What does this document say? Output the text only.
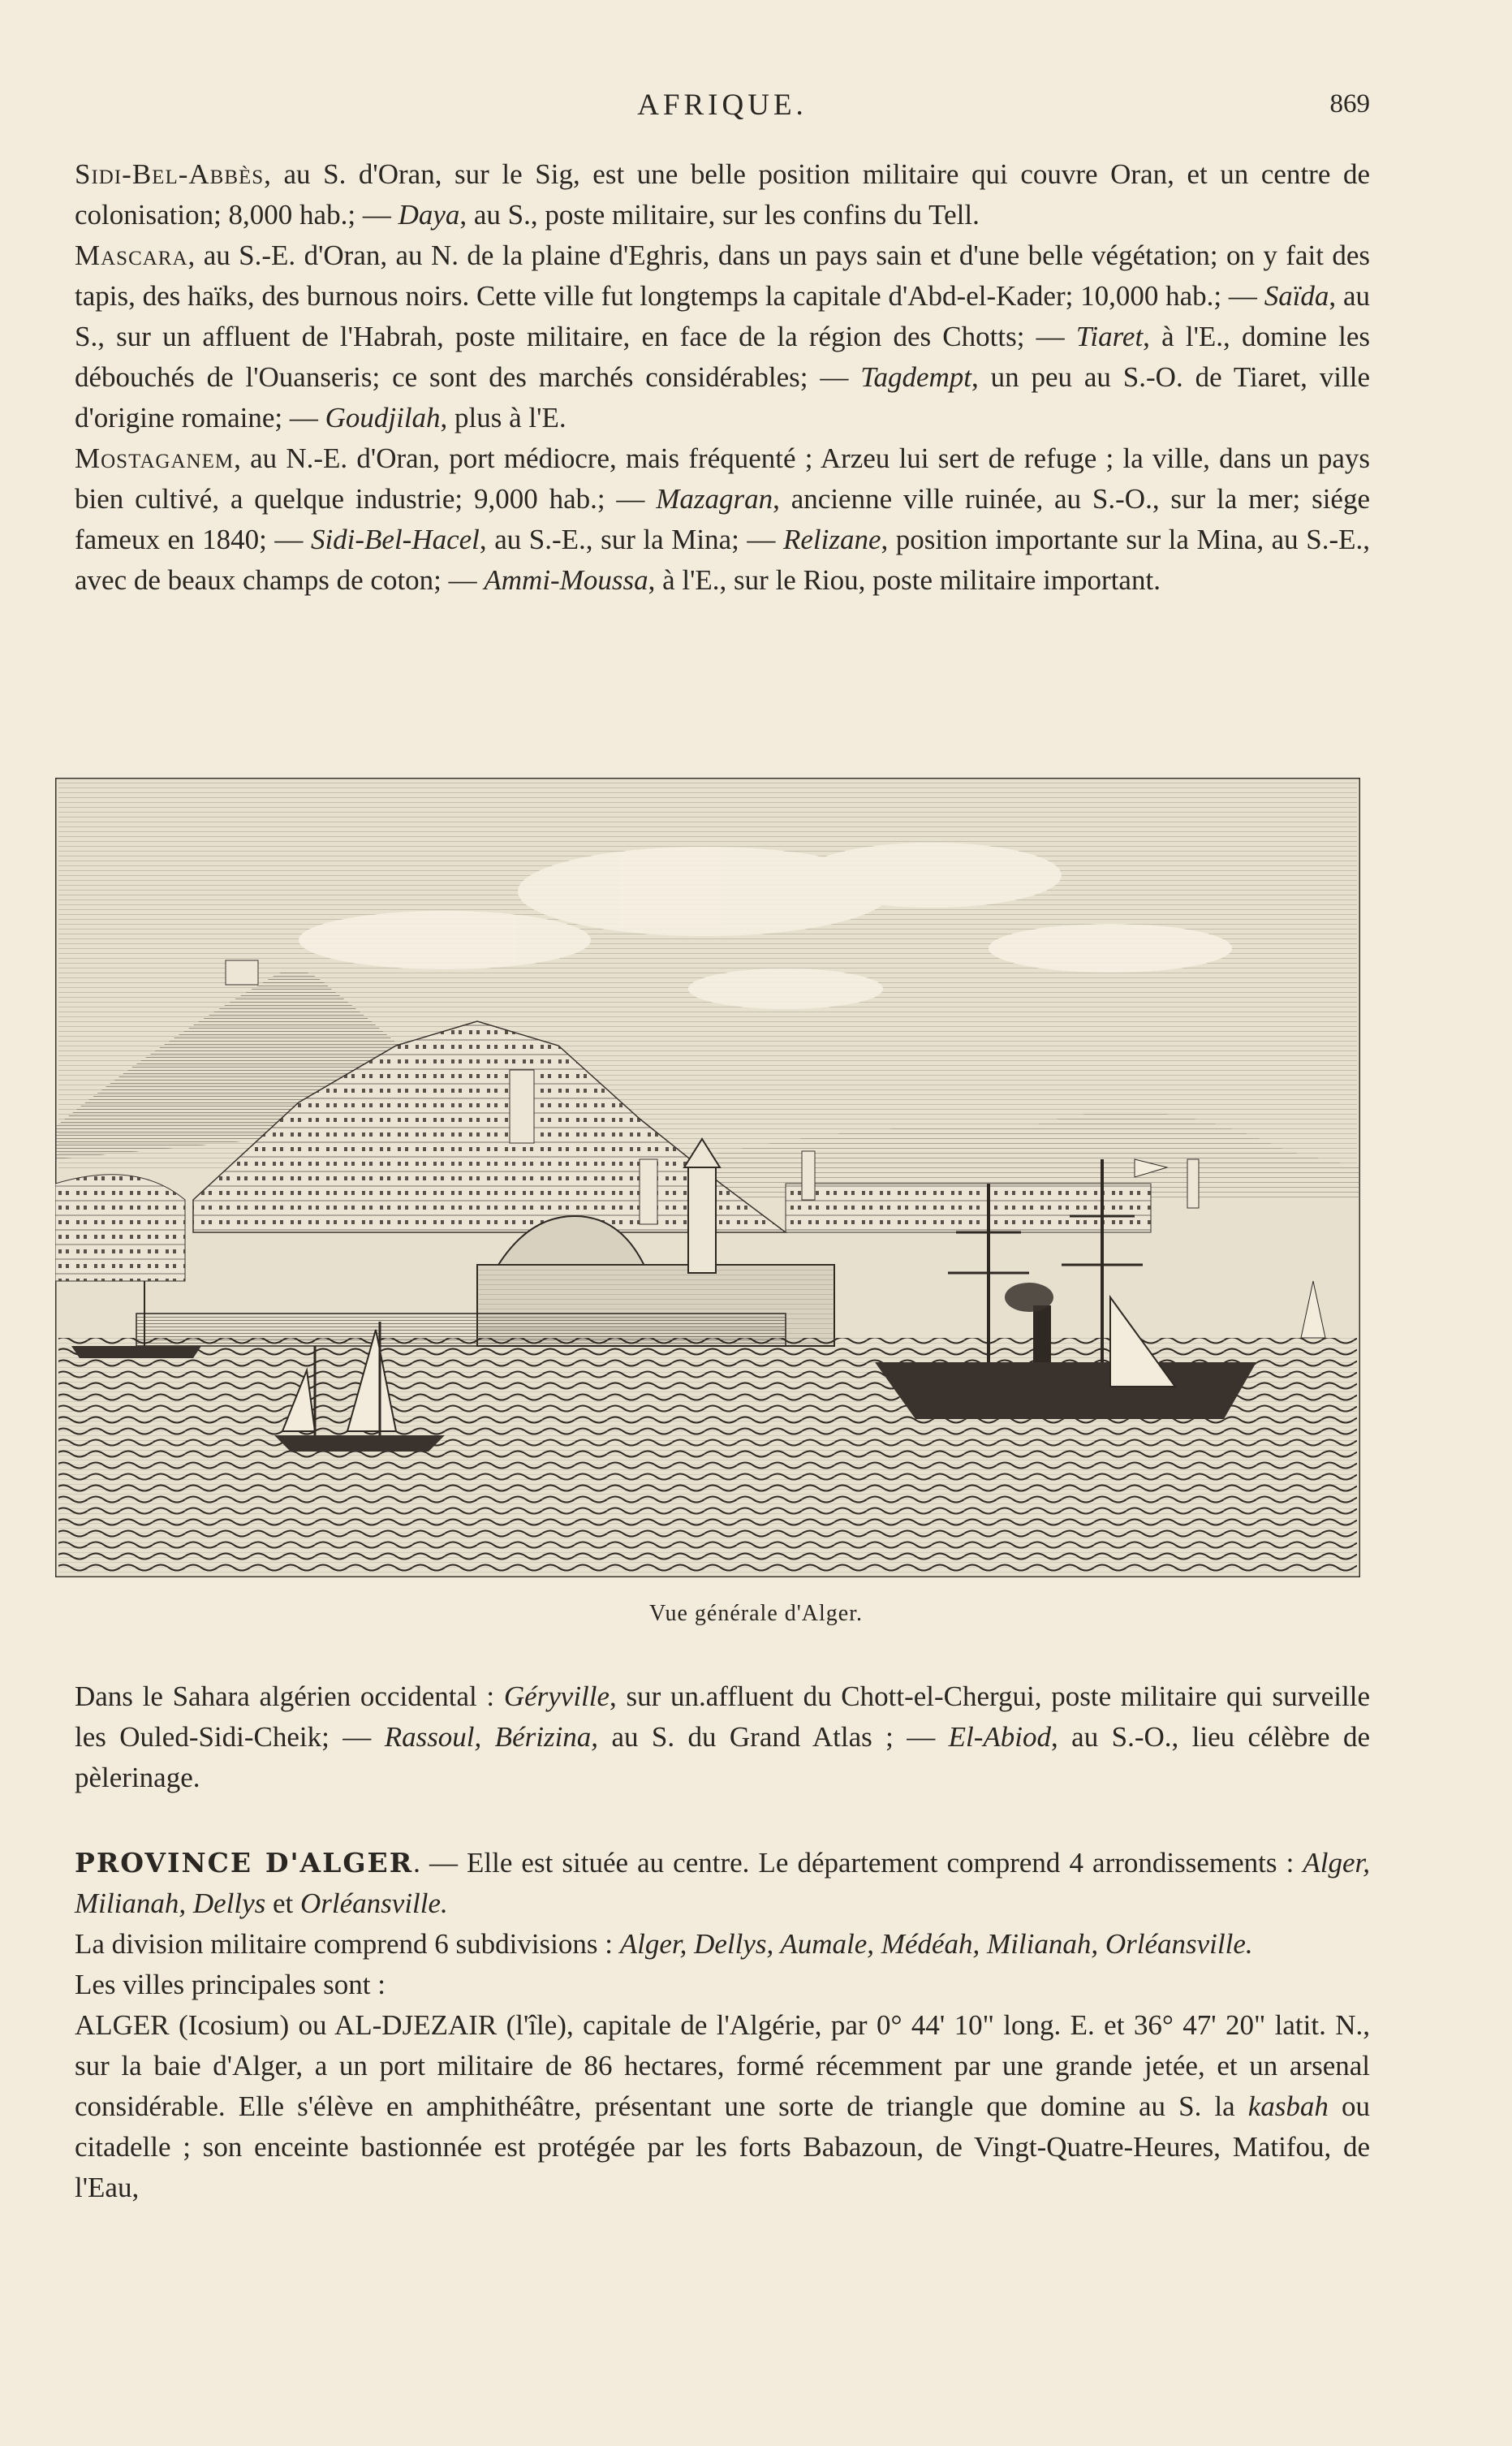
AFRIQUE.	869

Sidi-Bel-Abbès, au S. d'Oran, sur le Sig, est une belle position militaire qui couvre Oran, et un centre de colonisation; 8,000 hab.; — Daya, au S., poste militaire, sur les confins du Tell.

Mascara, au S.-E. d'Oran, au N. de la plaine d'Eghris, dans un pays sain et d'une belle végétation; on y fait des tapis, des haïks, des burnous noirs. Cette ville fut longtemps la capitale d'Abd-el-Kader; 10,000 hab.; — Saïda, au S., sur un affluent de l'Habrah, poste militaire, en face de la région des Chotts; — Tiaret, à l'E., domine les débouchés de l'Ouanseris; ce sont des marchés considérables; — Tagdempt, un peu au S.-O. de Tiaret, ville d'origine romaine; — Goudjilah, plus à l'E.

Mostaganem, au N.-E. d'Oran, port médiocre, mais fréquenté ; Arzeu lui sert de refuge ; la ville, dans un pays bien cultivé, a quelque industrie; 9,000 hab.; — Mazagran, ancienne ville ruinée, au S.-O., sur la mer; siége fameux en 1840; — Sidi-Bel-Hacel, au S.-E., sur la Mina; — Relizane, position importante sur la Mina, au S.-E., avec de beaux champs de coton; — Ammi-Moussa, à l'E., sur le Riou, poste militaire important.

Vue générale d'Alger.

Dans le Sahara algérien occidental : Géryville, sur un.affluent du Chott-el-Chergui, poste militaire qui surveille les Ouled-Sidi-Cheik; — Rassoul, Bérizina, au S. du Grand Atlas ; — El-Abiod, au S.-O., lieu célèbre de pèlerinage.

PROVINCE D'ALGER. — Elle est située au centre. Le département comprend 4 arrondissements : Alger, Milianah, Dellys et Orléansville.

La division militaire comprend 6 subdivisions : Alger, Dellys, Aumale, Médéah, Milianah, Orléansville.

Les villes principales sont :

ALGER (Icosium) ou AL-DJEZAIR (l'île), capitale de l'Algérie, par 0° 44' 10" long. E. et 36° 47' 20" latit. N., sur la baie d'Alger, a un port militaire de 86 hectares, formé récemment par une grande jetée, et un arsenal considérable. Elle s'élève en amphithéâtre, présentant une sorte de triangle que domine au S. la kasbah ou citadelle ; son enceinte bastionnée est protégée par les forts Babazoun, de Vingt-Quatre-Heures, Matifou, de l'Eau,
